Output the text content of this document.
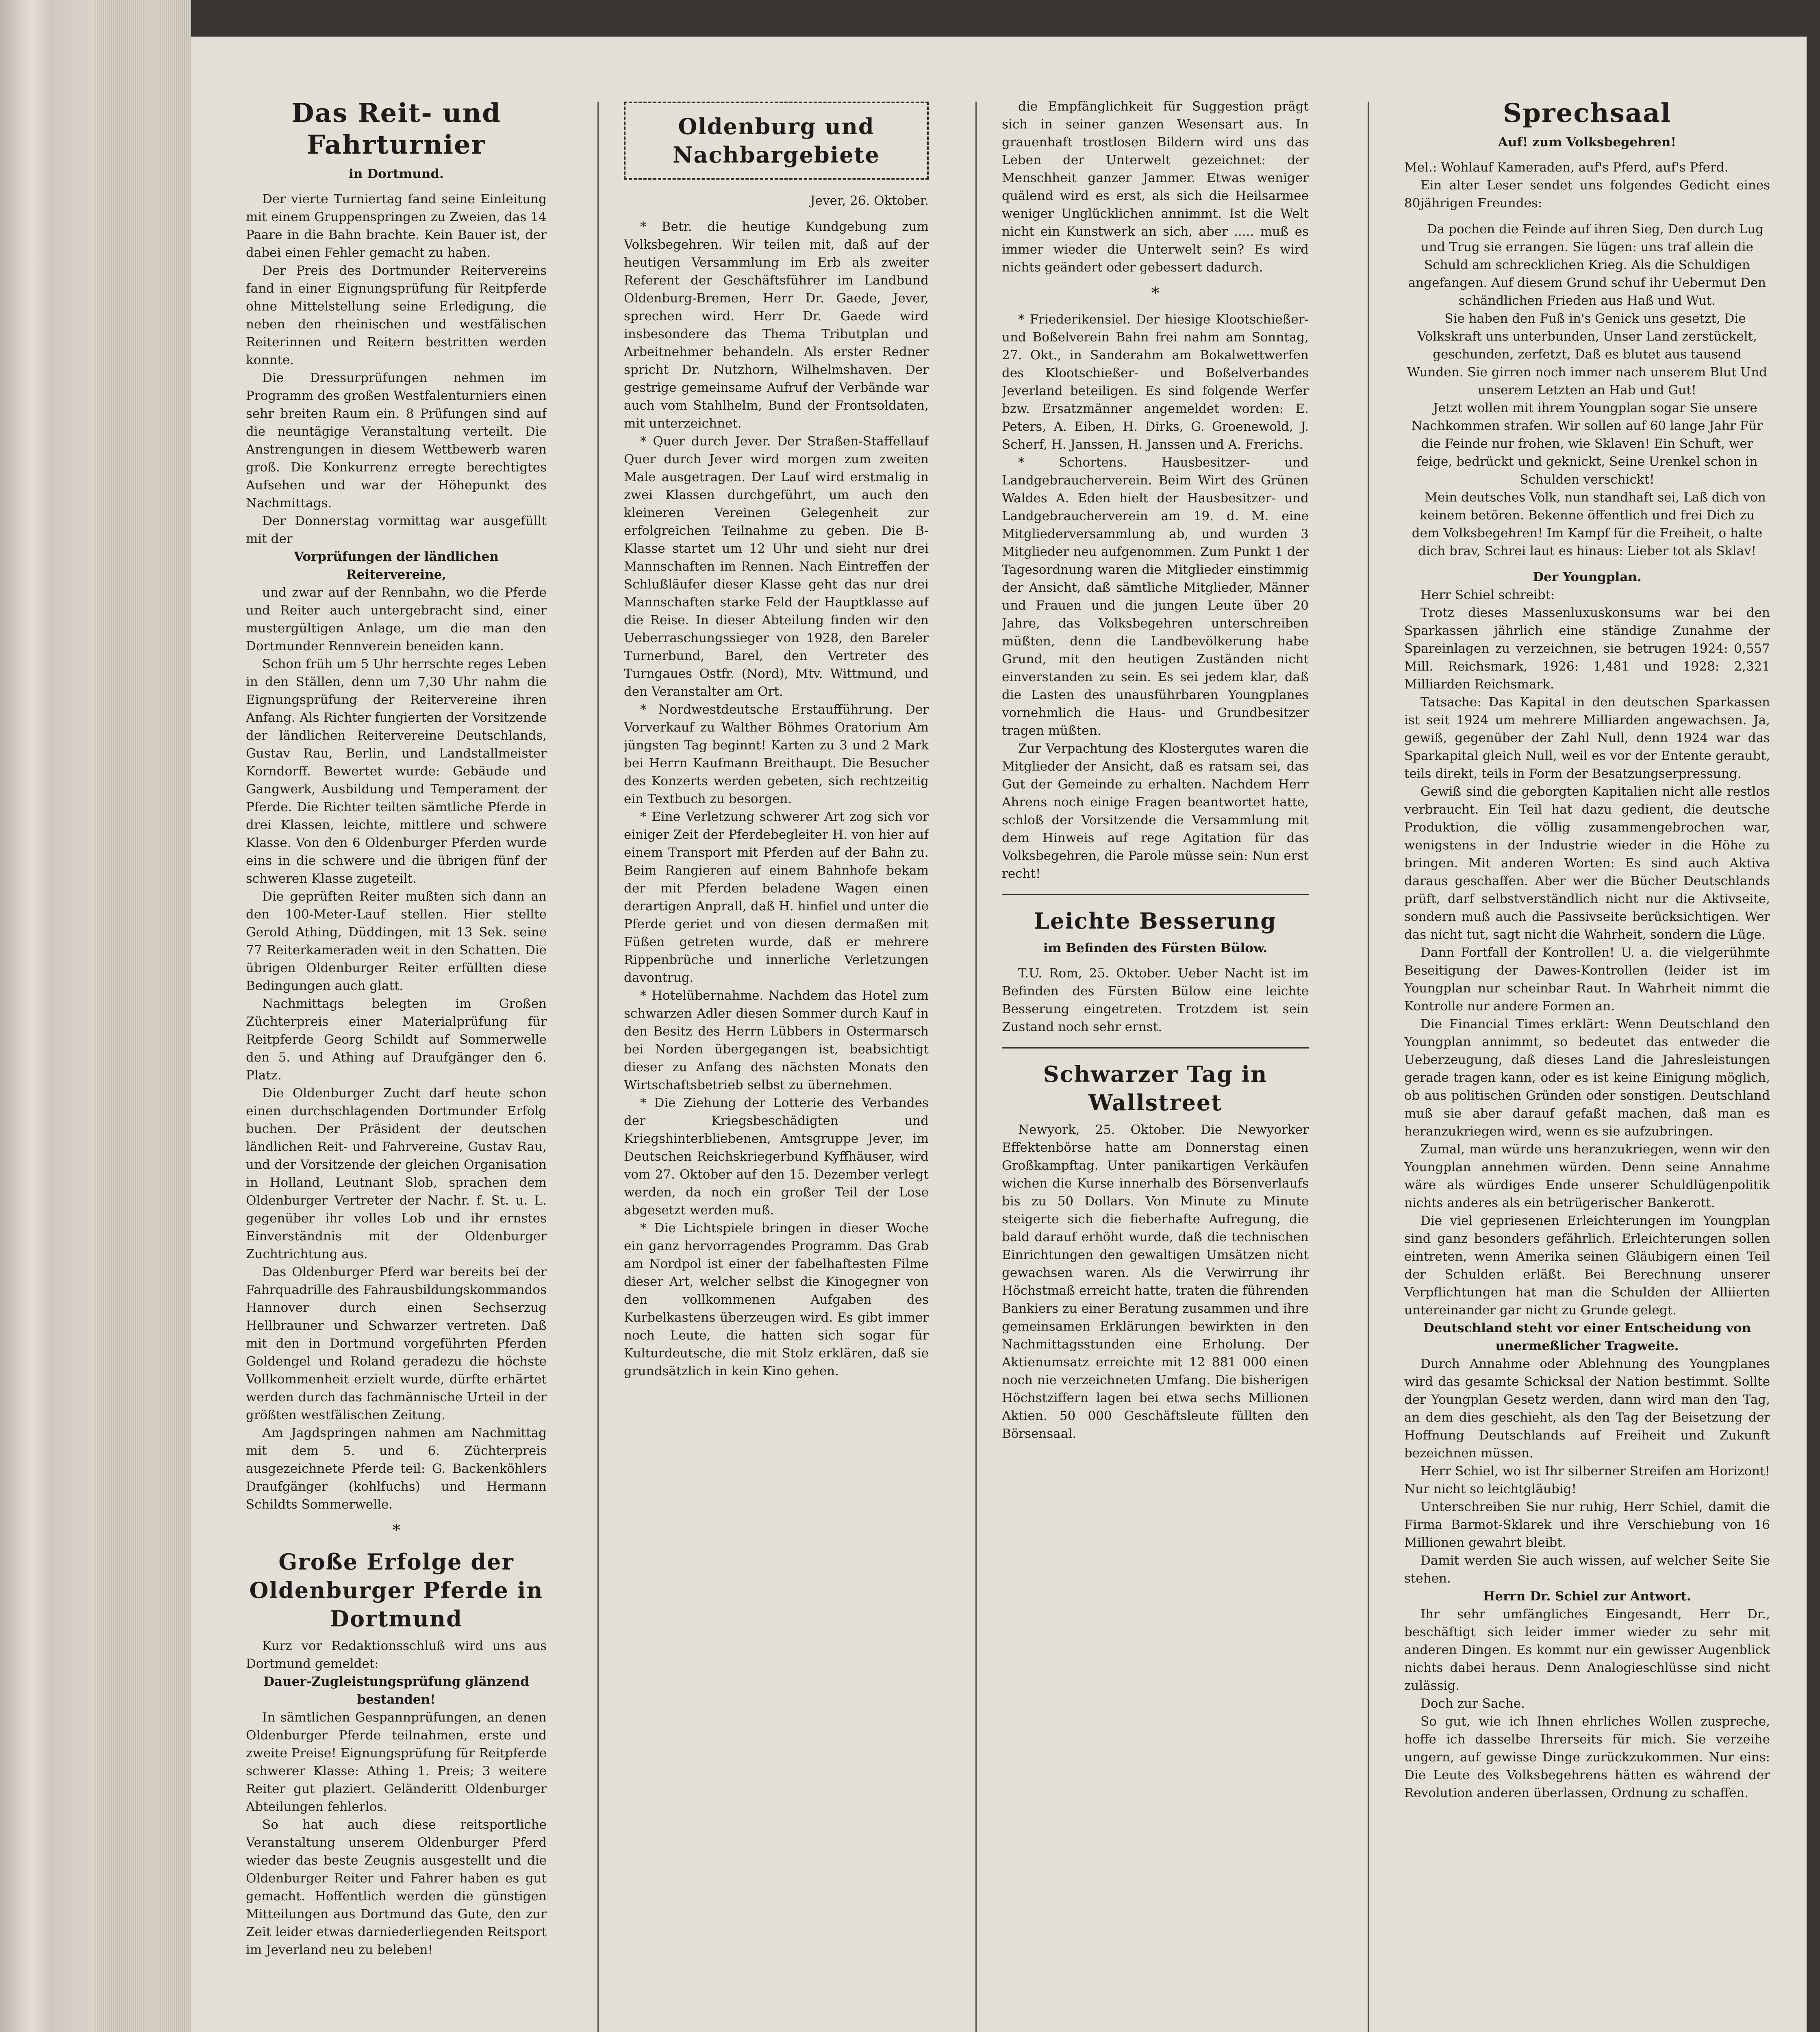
Das Reit- und Fahrturnier
in Dortmund.

Der vierte Turniertag fand seine Einleitung mit einem Gruppenspringen zu Zweien, das 14 Paare in die Bahn brachte. Kein Bauer ist, der dabei einen Fehler gemacht zu haben.

Der Preis des Dortmunder Reitervereins fand in einer Eignungsprüfung für Reitpferde ohne Mittelstellung seine Erledigung, die neben den rheinischen und westfälischen Reiterinnen und Reitern bestritten werden konnte.

Die Dressurprüfungen nehmen im Programm des großen Westfalenturniers einen sehr breiten Raum ein. 8 Prüfungen sind auf die neuntägige Veranstaltung verteilt. Die Anstrengungen in diesem Wettbewerb waren groß. Die Konkurrenz erregte berechtigtes Aufsehen und war der Höhepunkt des Nachmittags.

Der Donnerstag vormittag war ausgefüllt mit der

Vorprüfungen der ländlichen Reitervereine,

und zwar auf der Rennbahn, wo die Pferde und Reiter auch untergebracht sind, einer mustergültigen Anlage, um die man den Dortmunder Rennverein beneiden kann.

Schon früh um 5 Uhr herrschte reges Leben in den Ställen, denn um 7,30 Uhr nahm die Eignungsprüfung der Reitervereine ihren Anfang. Als Richter fungierten der Vorsitzende der ländlichen Reitervereine Deutschlands, Gustav Rau, Berlin, und Landstallmeister Korndorff. Bewertet wurde: Gebäude und Gangwerk, Ausbildung und Temperament der Pferde. Die Richter teilten sämtliche Pferde in drei Klassen, leichte, mittlere und schwere Klasse. Von den 6 Oldenburger Pferden wurde eins in die schwere und die übrigen fünf der schweren Klasse zugeteilt.

Die geprüften Reiter mußten sich dann an den 100-Meter-Lauf stellen. Hier stellte Gerold Athing, Düddingen, mit 13 Sek. seine 77 Reiterkameraden weit in den Schatten. Die übrigen Oldenburger Reiter erfüllten diese Bedingungen auch glatt.

Nachmittags belegten im Großen Züchterpreis einer Materialprüfung für Reitpferde Georg Schildt auf Sommerwelle den 5. und Athing auf Draufgänger den 6. Platz.

Die Oldenburger Zucht darf heute schon einen durchschlagenden Dortmunder Erfolg buchen. Der Präsident der deutschen ländlichen Reit- und Fahrvereine, Gustav Rau, und der Vorsitzende der gleichen Organisation in Holland, Leutnant Slob, sprachen dem Oldenburger Vertreter der Nachr. f. St. u. L. gegenüber ihr volles Lob und ihr ernstes Einverständnis mit der Oldenburger Zuchtrichtung aus.

Das Oldenburger Pferd war bereits bei der Fahrquadrille des Fahrausbildungskommandos Hannover durch einen Sechserzug Hellbrauner und Schwarzer vertreten. Daß mit den in Dortmund vorgeführten Pferden Goldengel und Roland geradezu die höchste Vollkommenheit erzielt wurde, dürfte erhärtet werden durch das fachmännische Urteil in der größten westfälischen Zeitung.

Am Jagdspringen nahmen am Nachmittag mit dem 5. und 6. Züchterpreis ausgezeichnete Pferde teil: G. Backenköhlers Draufgänger (kohlfuchs) und Hermann Schildts Sommerwelle.

*
Große Erfolge der Oldenburger Pferde in Dortmund

Kurz vor Redaktionsschluß wird uns aus Dortmund gemeldet:

Dauer-Zugleistungsprüfung glänzend bestanden!

In sämtlichen Gespannprüfungen, an denen Oldenburger Pferde teilnahmen, erste und zweite Preise! Eignungsprüfung für Reitpferde schwerer Klasse: Athing 1. Preis; 3 weitere Reiter gut plaziert. Geländeritt Oldenburger Abteilungen fehlerlos.

So hat auch diese reitsportliche Veranstaltung unserem Oldenburger Pferd wieder das beste Zeugnis ausgestellt und die Oldenburger Reiter und Fahrer haben es gut gemacht. Hoffentlich werden die günstigen Mitteilungen aus Dortmund das Gute, den zur Zeit leider etwas darniederliegenden Reitsport im Jeverland neu zu beleben!

Oldenburg und Nachbargebiete
Jever, 26. Oktober.

* Betr. die heutige Kundgebung zum Volksbegehren. Wir teilen mit, daß auf der heutigen Versammlung im Erb als zweiter Referent der Geschäftsführer im Landbund Oldenburg-Bremen, Herr Dr. Gaede, Jever, sprechen wird. Herr Dr. Gaede wird insbesondere das Thema Tributplan und Arbeitnehmer behandeln. Als erster Redner spricht Dr. Nutzhorn, Wilhelmshaven. Der gestrige gemeinsame Aufruf der Verbände war auch vom Stahlhelm, Bund der Frontsoldaten, mit unterzeichnet.

* Quer durch Jever. Der Straßen-Staffellauf Quer durch Jever wird morgen zum zweiten Male ausgetragen. Der Lauf wird erstmalig in zwei Klassen durchgeführt, um auch den kleineren Vereinen Gelegenheit zur erfolgreichen Teilnahme zu geben. Die B-Klasse startet um 12 Uhr und sieht nur drei Mannschaften im Rennen. Nach Eintreffen der Schlußläufer dieser Klasse geht das nur drei Mannschaften starke Feld der Hauptklasse auf die Reise. In dieser Abteilung finden wir den Ueberraschungssieger von 1928, den Bareler Turnerbund, Barel, den Vertreter des Turngaues Ostfr. (Nord), Mtv. Wittmund, und den Veranstalter am Ort.

* Nordwestdeutsche Erstaufführung. Der Vorverkauf zu Walther Böhmes Oratorium Am jüngsten Tag beginnt! Karten zu 3 und 2 Mark bei Herrn Kaufmann Breithaupt. Die Besucher des Konzerts werden gebeten, sich rechtzeitig ein Textbuch zu besorgen.

* Eine Verletzung schwerer Art zog sich vor einiger Zeit der Pferdebegleiter H. von hier auf einem Transport mit Pferden auf der Bahn zu. Beim Rangieren auf einem Bahnhofe bekam der mit Pferden beladene Wagen einen derartigen Anprall, daß H. hinfiel und unter die Pferde geriet und von diesen dermaßen mit Füßen getreten wurde, daß er mehrere Rippenbrüche und innerliche Verletzungen davontrug.

* Hotelübernahme. Nachdem das Hotel zum schwarzen Adler diesen Sommer durch Kauf in den Besitz des Herrn Lübbers in Ostermarsch bei Norden übergegangen ist, beabsichtigt dieser zu Anfang des nächsten Monats den Wirtschaftsbetrieb selbst zu übernehmen.

* Die Ziehung der Lotterie des Verbandes der Kriegsbeschädigten und Kriegshinterbliebenen, Amtsgruppe Jever, im Deutschen Reichskriegerbund Kyffhäuser, wird vom 27. Oktober auf den 15. Dezember verlegt werden, da noch ein großer Teil der Lose abgesetzt werden muß.

* Die Lichtspiele bringen in dieser Woche ein ganz hervorragendes Programm. Das Grab am Nordpol ist einer der fabelhaftesten Filme dieser Art, welcher selbst die Kinogegner von den vollkommenen Aufgaben des Kurbelkastens überzeugen wird. Es gibt immer noch Leute, die hatten sich sogar für Kulturdeutsche, die mit Stolz erklären, daß sie grundsätzlich in kein Kino gehen.

die Empfänglichkeit für Suggestion prägt sich in seiner ganzen Wesensart aus. In grauenhaft trostlosen Bildern wird uns das Leben der Unterwelt gezeichnet: der Menschheit ganzer Jammer. Etwas weniger quälend wird es erst, als sich die Heilsarmee weniger Unglücklichen annimmt. Ist die Welt nicht ein Kunstwerk an sich, aber ..... muß es immer wieder die Unterwelt sein? Es wird nichts geändert oder gebessert dadurch.

*

* Friederikensiel. Der hiesige Klootschießer- und Boßelverein Bahn frei nahm am Sonntag, 27. Okt., in Sanderahm am Bokalwettwerfen des Klootschießer- und Boßelverbandes Jeverland beteiligen. Es sind folgende Werfer bzw. Ersatzmänner angemeldet worden: E. Peters, A. Eiben, H. Dirks, G. Groenewold, J. Scherf, H. Janssen, H. Janssen und A. Frerichs.

* Schortens. Hausbesitzer- und Landgebraucherverein. Beim Wirt des Grünen Waldes A. Eden hielt der Hausbesitzer- und Landgebraucherverein am 19. d. M. eine Mitgliederversammlung ab, und wurden 3 Mitglieder neu aufgenommen. Zum Punkt 1 der Tagesordnung waren die Mitglieder einstimmig der Ansicht, daß sämtliche Mitglieder, Männer und Frauen und die jungen Leute über 20 Jahre, das Volksbegehren unterschreiben müßten, denn die Landbevölkerung habe Grund, mit den heutigen Zuständen nicht einverstanden zu sein. Es sei jedem klar, daß die Lasten des unausführbaren Youngplanes vornehmlich die Haus- und Grundbesitzer tragen müßten.

Zur Verpachtung des Klostergutes waren die Mitglieder der Ansicht, daß es ratsam sei, das Gut der Gemeinde zu erhalten. Nachdem Herr Ahrens noch einige Fragen beantwortet hatte, schloß der Vorsitzende die Versammlung mit dem Hinweis auf rege Agitation für das Volksbegehren, die Parole müsse sein: Nun erst recht!

Leichte Besserung
im Befinden des Fürsten Bülow.

T.U. Rom, 25. Oktober. Ueber Nacht ist im Befinden des Fürsten Bülow eine leichte Besserung eingetreten. Trotzdem ist sein Zustand noch sehr ernst.

Schwarzer Tag in Wallstreet

Newyork, 25. Oktober. Die Newyorker Effektenbörse hatte am Donnerstag einen Großkampftag. Unter panikartigen Verkäufen wichen die Kurse innerhalb des Börsenverlaufs bis zu 50 Dollars. Von Minute zu Minute steigerte sich die fieberhafte Aufregung, die bald darauf erhöht wurde, daß die technischen Einrichtungen den gewaltigen Umsätzen nicht gewachsen waren. Als die Verwirrung ihr Höchstmaß erreicht hatte, traten die führenden Bankiers zu einer Beratung zusammen und ihre gemeinsamen Erklärungen bewirkten in den Nachmittagsstunden eine Erholung. Der Aktienumsatz erreichte mit 12 881 000 einen noch nie verzeichneten Umfang. Die bisherigen Höchstziffern lagen bei etwa sechs Millionen Aktien. 50 000 Geschäftsleute füllten den Börsensaal.

Sprechsaal
Auf! zum Volksbegehren!
Mel.: Wohlauf Kameraden, auf's Pferd, auf's Pferd.

Ein alter Leser sendet uns folgendes Gedicht eines 80jährigen Freundes:

Da pochen die Feinde auf ihren Sieg, Den durch Lug und Trug sie errangen. Sie lügen: uns traf allein die Schuld am schrecklichen Krieg. Als die Schuldigen angefangen. Auf diesem Grund schuf ihr Uebermut Den schändlichen Frieden aus Haß und Wut.

Sie haben den Fuß in's Genick uns gesetzt, Die Volkskraft uns unterbunden, Unser Land zerstückelt, geschunden, zerfetzt, Daß es blutet aus tausend Wunden. Sie girren noch immer nach unserem Blut Und unserem Letzten an Hab und Gut!

Jetzt wollen mit ihrem Youngplan sogar Sie unsere Nachkommen strafen. Wir sollen auf 60 lange Jahr Für die Feinde nur frohen, wie Sklaven! Ein Schuft, wer feige, bedrückt und geknickt, Seine Urenkel schon in Schulden verschickt!

Mein deutsches Volk, nun standhaft sei, Laß dich von keinem betören. Bekenne öffentlich und frei Dich zu dem Volksbegehren! Im Kampf für die Freiheit, o halte dich brav, Schrei laut es hinaus: Lieber tot als Sklav!

Der Youngplan.

Herr Schiel schreibt:

Trotz dieses Massenluxuskonsums war bei den Sparkassen jährlich eine ständige Zunahme der Spareinlagen zu verzeichnen, sie betrugen 1924: 0,557 Mill. Reichsmark, 1926: 1,481 und 1928: 2,321 Milliarden Reichsmark.

Tatsache: Das Kapital in den deutschen Sparkassen ist seit 1924 um mehrere Milliarden angewachsen. Ja, gewiß, gegenüber der Zahl Null, denn 1924 war das Sparkapital gleich Null, weil es vor der Entente geraubt, teils direkt, teils in Form der Besatzungserpressung.

Gewiß sind die geborgten Kapitalien nicht alle restlos verbraucht. Ein Teil hat dazu gedient, die deutsche Produktion, die völlig zusammengebrochen war, wenigstens in der Industrie wieder in die Höhe zu bringen. Mit anderen Worten: Es sind auch Aktiva daraus geschaffen. Aber wer die Bücher Deutschlands prüft, darf selbstverständlich nicht nur die Aktivseite, sondern muß auch die Passivseite berücksichtigen. Wer das nicht tut, sagt nicht die Wahrheit, sondern die Lüge.

Dann Fortfall der Kontrollen! U. a. die vielgerühmte Beseitigung der Dawes-Kontrollen (leider ist im Youngplan nur scheinbar Raut. In Wahrheit nimmt die Kontrolle nur andere Formen an.

Die Financial Times erklärt: Wenn Deutschland den Youngplan annimmt, so bedeutet das entweder die Ueberzeugung, daß dieses Land die Jahresleistungen gerade tragen kann, oder es ist keine Einigung möglich, ob aus politischen Gründen oder sonstigen. Deutschland muß sie aber darauf gefaßt machen, daß man es heranzukriegen wird, wenn es sie aufzubringen.

Zumal, man würde uns heranzukriegen, wenn wir den Youngplan annehmen würden. Denn seine Annahme wäre als würdiges Ende unserer Schuldlügenpolitik nichts anderes als ein betrügerischer Bankerott.

Die viel gepriesenen Erleichterungen im Youngplan sind ganz besonders gefährlich. Erleichterungen sollen eintreten, wenn Amerika seinen Gläubigern einen Teil der Schulden erläßt. Bei Berechnung unserer Verpflichtungen hat man die Schulden der Alliierten untereinander gar nicht zu Grunde gelegt.

Deutschland steht vor einer Entscheidung von unermeßlicher Tragweite.

Durch Annahme oder Ablehnung des Youngplanes wird das gesamte Schicksal der Nation bestimmt. Sollte der Youngplan Gesetz werden, dann wird man den Tag, an dem dies geschieht, als den Tag der Beisetzung der Hoffnung Deutschlands auf Freiheit und Zukunft bezeichnen müssen.

Herr Schiel, wo ist Ihr silberner Streifen am Horizont! Nur nicht so leichtgläubig!

Unterschreiben Sie nur ruhig, Herr Schiel, damit die Firma Barmot-Sklarek und ihre Verschiebung von 16 Millionen gewahrt bleibt.

Damit werden Sie auch wissen, auf welcher Seite Sie stehen.

Herrn Dr. Schiel zur Antwort.

Ihr sehr umfängliches Eingesandt, Herr Dr., beschäftigt sich leider immer wieder zu sehr mit anderen Dingen. Es kommt nur ein gewisser Augenblick nichts dabei heraus. Denn Analogieschlüsse sind nicht zulässig.

Doch zur Sache.

So gut, wie ich Ihnen ehrliches Wollen zuspreche, hoffe ich dasselbe Ihrerseits für mich. Sie verzeihe ungern, auf gewisse Dinge zurückzukommen. Nur eins: Die Leute des Volksbegehrens hätten es während der Revolution anderen überlassen, Ordnung zu schaffen.
